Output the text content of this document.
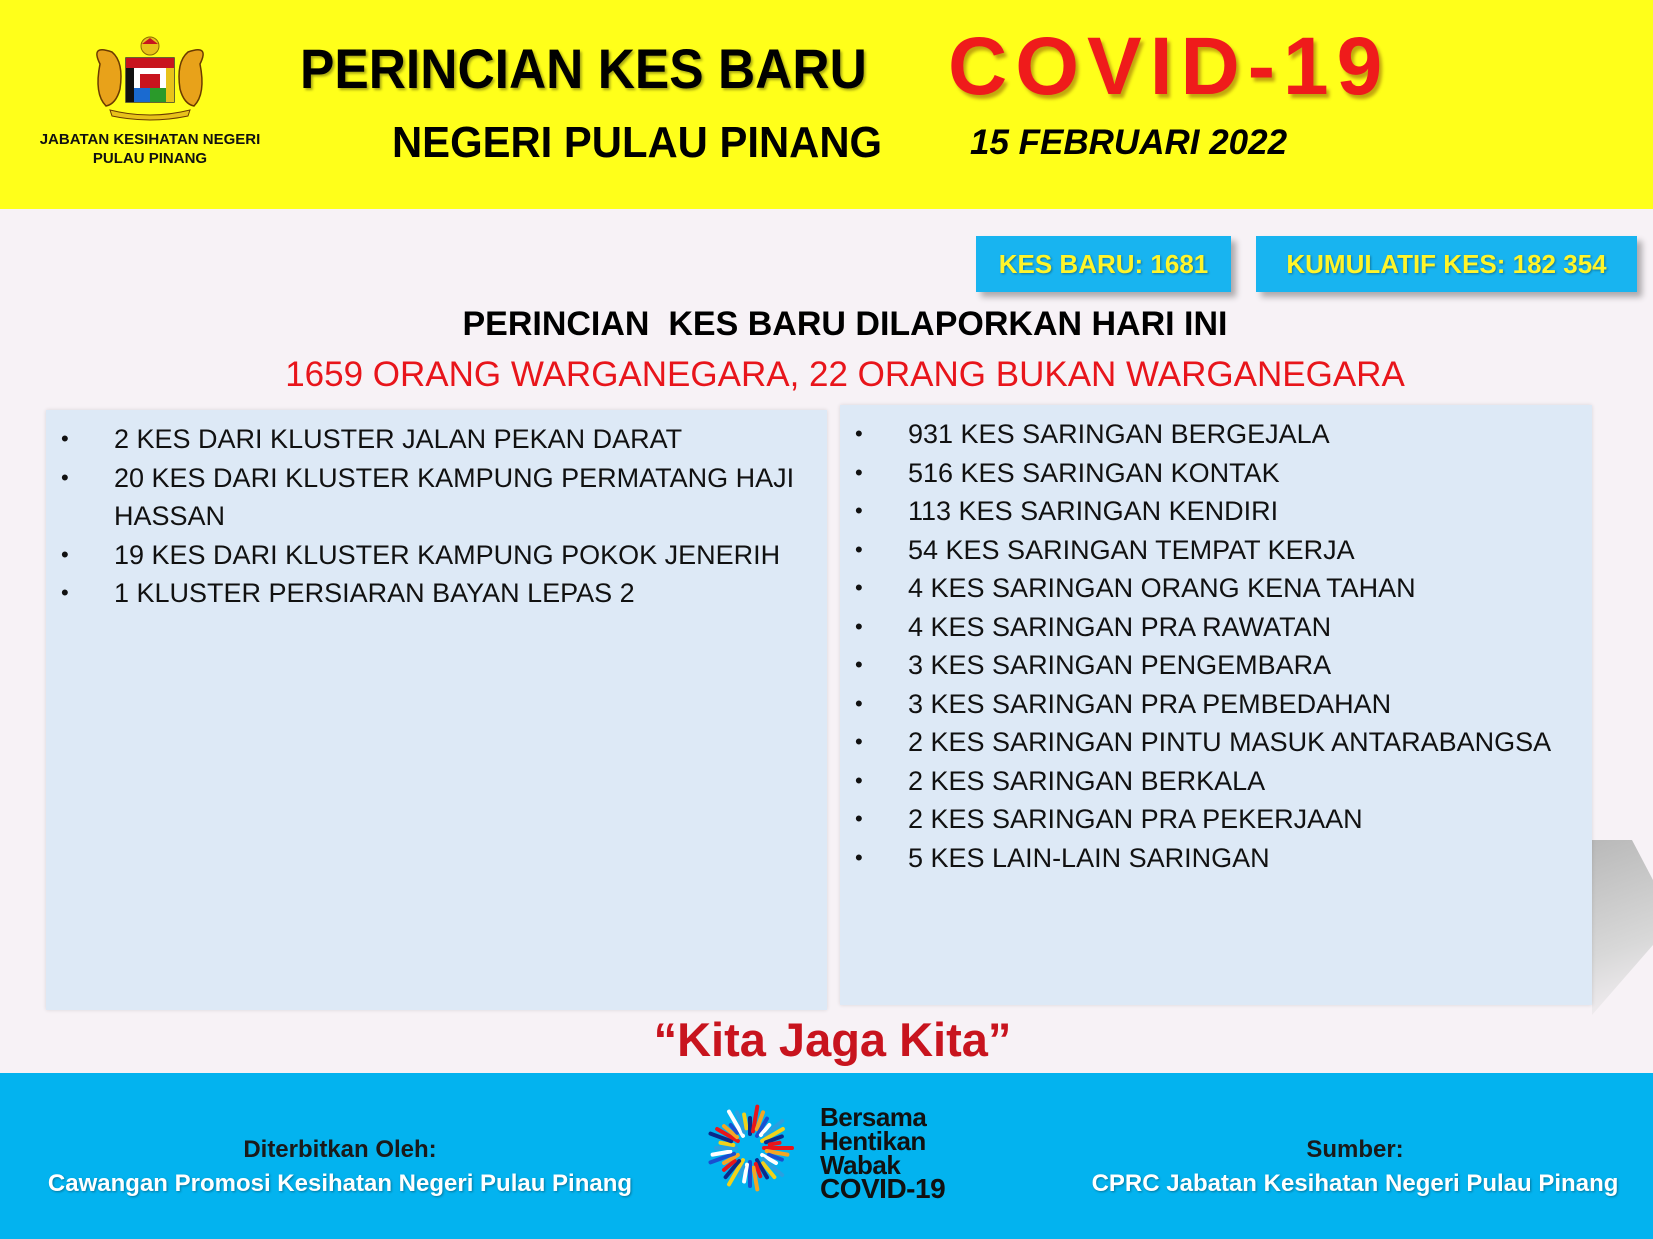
JABATAN KESIHATAN NEGERI PULAU PINANG
PERINCIAN KES BARU COVID-19
NEGERI PULAU PINANG	15 FEBRUARI 2022
KES BARU: 1681	KUMULATIF KES: 182 354
PERINCIAN  KES BARU DILAPORKAN HARI INI
1659 ORANG WARGANEGARA, 22 ORANG BUKAN WARGANEGARA
• 2 KES DARI KLUSTER JALAN PEKAN DARAT
• 20 KES DARI KLUSTER KAMPUNG PERMATANG HAJI HASSAN
• 19 KES DARI KLUSTER KAMPUNG POKOK JENERIH
• 1 KLUSTER PERSIARAN BAYAN LEPAS 2
• 931 KES SARINGAN BERGEJALA
• 516 KES SARINGAN KONTAK
• 113 KES SARINGAN KENDIRI
• 54 KES SARINGAN TEMPAT KERJA
• 4 KES SARINGAN ORANG KENA TAHAN
• 4 KES SARINGAN PRA RAWATAN
• 3 KES SARINGAN PENGEMBARA
• 3 KES SARINGAN PRA PEMBEDAHAN
• 2 KES SARINGAN PINTU MASUK ANTARABANGSA
• 2 KES SARINGAN BERKALA
• 2 KES SARINGAN PRA PEKERJAAN
• 5 KES LAIN-LAIN SARINGAN
“Kita Jaga Kita”
Diterbitkan Oleh:
Cawangan Promosi Kesihatan Negeri Pulau Pinang
Bersama
Hentikan
Wabak
COVID-19
Sumber:
CPRC Jabatan Kesihatan Negeri Pulau Pinang
